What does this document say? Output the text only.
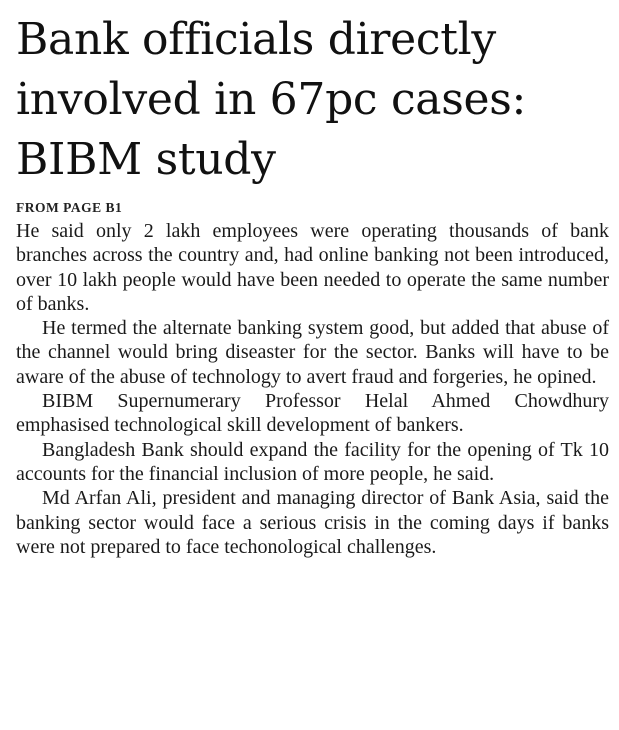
Bank officials directly involved in 67pc cases: BIBM study
FROM PAGE B1

He said only 2 lakh employees were operating thousands of bank branches across the country and, had online banking not been introduced, over 10 lakh people would have been needed to operate the same number of banks.

He termed the alternate banking system good, but added that abuse of the channel would bring diseaster for the sector. Banks will have to be aware of the abuse of technology to avert fraud and forgeries, he opined.

BIBM Supernumerary Professor Helal Ahmed Chowdhury emphasised technological skill development of bankers.

Bangladesh Bank should expand the facility for the opening of Tk 10 accounts for the financial inclusion of more people, he said.

Md Arfan Ali, president and managing director of Bank Asia, said the banking sector would face a serious crisis in the coming days if banks were not prepared to face techonological challenges.
